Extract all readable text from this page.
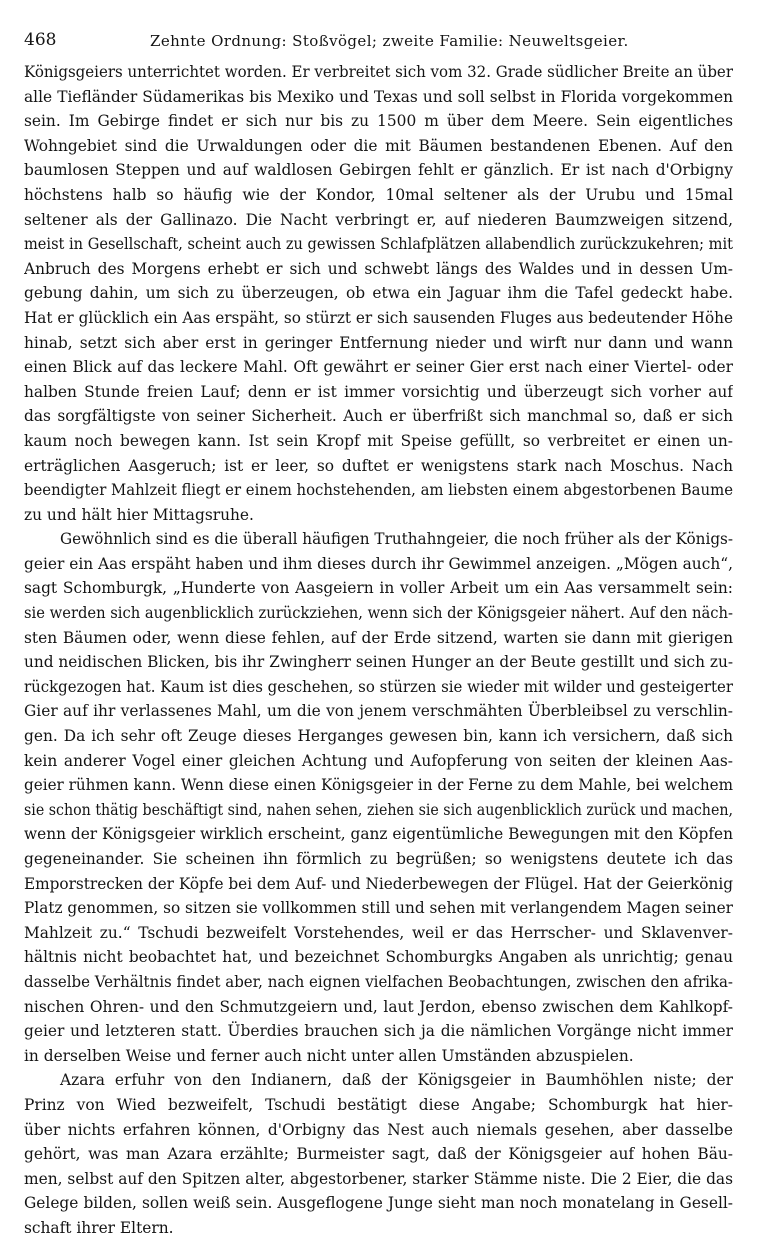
468	Zehnte Ordnung: Stoßvögel; zweite Familie: Neuweltsgeier.
Königsgeiers unterrichtet worden. Er verbreitet sich vom 32. Grade südlicher Breite an über
alle Tiefländer Südamerikas bis Mexiko und Texas und soll selbst in Florida vorgekommen
sein. Im Gebirge findet er sich nur bis zu 1500 m über dem Meere. Sein eigentliches
Wohngebiet sind die Urwaldungen oder die mit Bäumen bestandenen Ebenen. Auf den
baumlosen Steppen und auf waldlosen Gebirgen fehlt er gänzlich. Er ist nach d'Orbigny
höchstens halb so häufig wie der Kondor, 10mal seltener als der Urubu und 15mal
seltener als der Gallinazo. Die Nacht verbringt er, auf niederen Baumzweigen sitzend,
meist in Gesellschaft, scheint auch zu gewissen Schlafplätzen allabendlich zurückzukehren; mit
Anbruch des Morgens erhebt er sich und schwebt längs des Waldes und in dessen Um-
gebung dahin, um sich zu überzeugen, ob etwa ein Jaguar ihm die Tafel gedeckt habe.
Hat er glücklich ein Aas erspäht, so stürzt er sich sausenden Fluges aus bedeutender Höhe
hinab, setzt sich aber erst in geringer Entfernung nieder und wirft nur dann und wann
einen Blick auf das leckere Mahl. Oft gewährt er seiner Gier erst nach einer Viertel- oder
halben Stunde freien Lauf; denn er ist immer vorsichtig und überzeugt sich vorher auf
das sorgfältigste von seiner Sicherheit. Auch er überfrißt sich manchmal so, daß er sich
kaum noch bewegen kann. Ist sein Kropf mit Speise gefüllt, so verbreitet er einen un-
erträglichen Aasgeruch; ist er leer, so duftet er wenigstens stark nach Moschus. Nach
beendigter Mahlzeit fliegt er einem hochstehenden, am liebsten einem abgestorbenen Baume
zu und hält hier Mittagsruhe.
Gewöhnlich sind es die überall häufigen Truthahngeier, die noch früher als der Königs-
geier ein Aas erspäht haben und ihm dieses durch ihr Gewimmel anzeigen. „Mögen auch“,
sagt Schomburgk, „Hunderte von Aasgeiern in voller Arbeit um ein Aas versammelt sein:
sie werden sich augenblicklich zurückziehen, wenn sich der Königsgeier nähert. Auf den näch-
sten Bäumen oder, wenn diese fehlen, auf der Erde sitzend, warten sie dann mit gierigen
und neidischen Blicken, bis ihr Zwingherr seinen Hunger an der Beute gestillt und sich zu-
rückgezogen hat. Kaum ist dies geschehen, so stürzen sie wieder mit wilder und gesteigerter
Gier auf ihr verlassenes Mahl, um die von jenem verschmähten Überbleibsel zu verschlin-
gen. Da ich sehr oft Zeuge dieses Herganges gewesen bin, kann ich versichern, daß sich
kein anderer Vogel einer gleichen Achtung und Aufopferung von seiten der kleinen Aas-
geier rühmen kann. Wenn diese einen Königsgeier in der Ferne zu dem Mahle, bei welchem
sie schon thätig beschäftigt sind, nahen sehen, ziehen sie sich augenblicklich zurück und machen,
wenn der Königsgeier wirklich erscheint, ganz eigentümliche Bewegungen mit den Köpfen
gegeneinander. Sie scheinen ihn förmlich zu begrüßen; so wenigstens deutete ich das
Emporstrecken der Köpfe bei dem Auf- und Niederbewegen der Flügel. Hat der Geierkönig
Platz genommen, so sitzen sie vollkommen still und sehen mit verlangendem Magen seiner
Mahlzeit zu.“ Tschudi bezweifelt Vorstehendes, weil er das Herrscher- und Sklavenver-
hältnis nicht beobachtet hat, und bezeichnet Schomburgks Angaben als unrichtig; genau
dasselbe Verhältnis findet aber, nach eignen vielfachen Beobachtungen, zwischen den afrika-
nischen Ohren- und den Schmutzgeiern und, laut Jerdon, ebenso zwischen dem Kahlkopf-
geier und letzteren statt. Überdies brauchen sich ja die nämlichen Vorgänge nicht immer
in derselben Weise und ferner auch nicht unter allen Umständen abzuspielen.
Azara erfuhr von den Indianern, daß der Königsgeier in Baumhöhlen niste; der
Prinz von Wied bezweifelt, Tschudi bestätigt diese Angabe; Schomburgk hat hier-
über nichts erfahren können, d'Orbigny das Nest auch niemals gesehen, aber dasselbe
gehört, was man Azara erzählte; Burmeister sagt, daß der Königsgeier auf hohen Bäu-
men, selbst auf den Spitzen alter, abgestorbener, starker Stämme niste. Die 2 Eier, die das
Gelege bilden, sollen weiß sein. Ausgeflogene Junge sieht man noch monatelang in Gesell-
schaft ihrer Eltern.
